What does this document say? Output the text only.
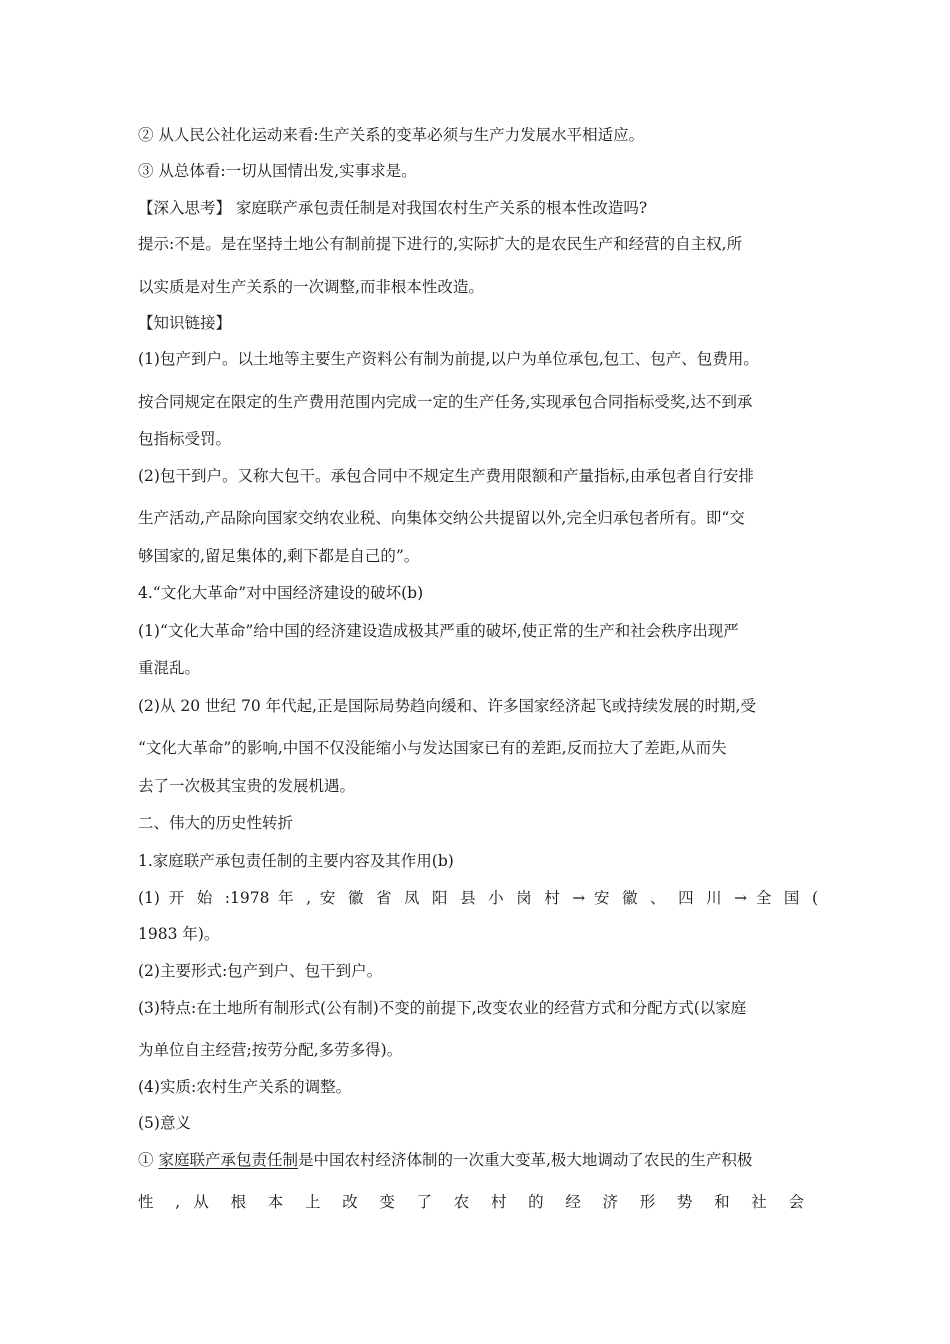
② 从人民公社化运动来看:生产关系的变革必须与生产力发展水平相适应。
③ 从总体看:一切从国情出发,实事求是。
【深入思考】 家庭联产承包责任制是对我国农村生产关系的根本性改造吗?
提示:不是。是在坚持土地公有制前提下进行的,实际扩大的是农民生产和经营的自主权,所
以实质是对生产关系的一次调整,而非根本性改造。
【知识链接】
(1)包产到户。以土地等主要生产资料公有制为前提,以户为单位承包,包工、包产、包费用。
按合同规定在限定的生产费用范围内完成一定的生产任务,实现承包合同指标受奖,达不到承
包指标受罚。
(2)包干到户。又称大包干。承包合同中不规定生产费用限额和产量指标,由承包者自行安排
生产活动,产品除向国家交纳农业税、向集体交纳公共提留以外,完全归承包者所有。即“交
够国家的,留足集体的,剩下都是自己的”。
4.“文化大革命”对中国经济建设的破坏(b)
(1)“文化大革命”给中国的经济建设造成极其严重的破坏,使正常的生产和社会秩序出现严
重混乱。
(2)从 20 世纪 70 年代起,正是国际局势趋向缓和、许多国家经济起飞或持续发展的时期,受
“文化大革命”的影响,中国不仅没能缩小与发达国家已有的差距,反而拉大了差距,从而失
去了一次极其宝贵的发展机遇。
二、伟大的历史性转折
1.家庭联产承包责任制的主要内容及其作用(b)
(1) 开 始 :1978 年 , 安 徽 省 凤 阳 县 小 岗 村 → 安 徽 、 四 川 → 全 国 (
1983 年)。
(2)主要形式:包产到户、包干到户。
(3)特点:在土地所有制形式(公有制)不变的前提下,改变农业的经营方式和分配方式(以家庭
为单位自主经营;按劳分配,多劳多得)。
(4)实质:农村生产关系的调整。
(5)意义
① 家庭联产承包责任制是中国农村经济体制的一次重大变革,极大地调动了农民的生产积极
性 , 从 根 本 上 改 变 了 农 村 的 经 济 形 势 和 社 会
